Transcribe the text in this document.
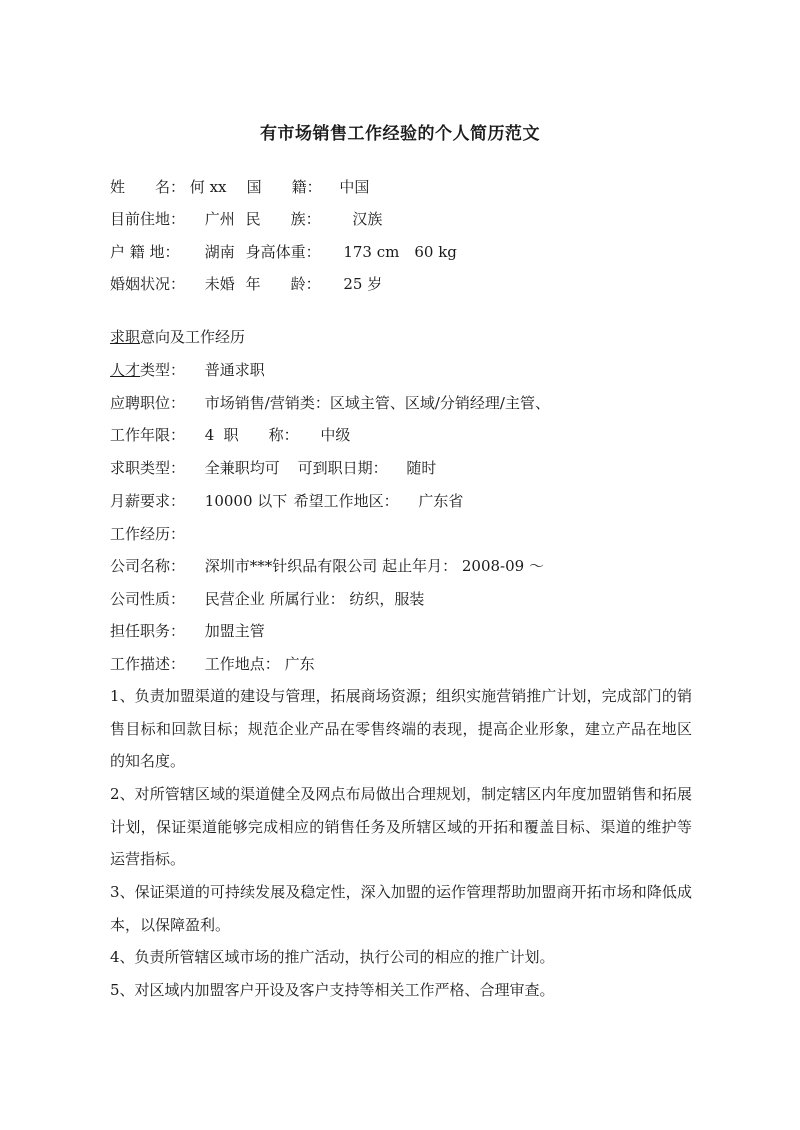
有市场销售工作经验的个人简历范文
姓　　名： 何 xx 国　　籍： 中国
目前住地： 广州 民　　族： 汉族
户 籍 地： 湖南 身高体重： 173 cm　60 kg
婚姻状况： 未婚 年　　龄： 25 岁
求职意向及工作经历
人才类型： 普通求职
应聘职位： 市场销售/营销类：区域主管、区域/分销经理/主管、
工作年限： 4 职　　称： 中级
求职类型： 全兼职均可 可到职日期： 随时
月薪要求： 10000 以下 希望工作地区： 广东省
工作经历：
公司名称： 深圳市***针织品有限公司 起止年月： 2008-09 ～
公司性质： 民营企业 所属行业： 纺织，服装
担任职务： 加盟主管
工作描述： 工作地点： 广东
1、负责加盟渠道的建设与管理，拓展商场资源；组织实施营销推广计划，完成部门的销售目标和回款目标；规范企业产品在零售终端的表现，提高企业形象，建立产品在地区的知名度。
2、对所管辖区域的渠道健全及网点布局做出合理规划，制定辖区内年度加盟销售和拓展计划，保证渠道能够完成相应的销售任务及所辖区域的开拓和覆盖目标、渠道的维护等运营指标。
3、保证渠道的可持续发展及稳定性，深入加盟的运作管理帮助加盟商开拓市场和降低成本，以保障盈利。
4、负责所管辖区域市场的推广活动，执行公司的相应的推广计划。
5、对区域内加盟客户开设及客户支持等相关工作严格、合理审查。
